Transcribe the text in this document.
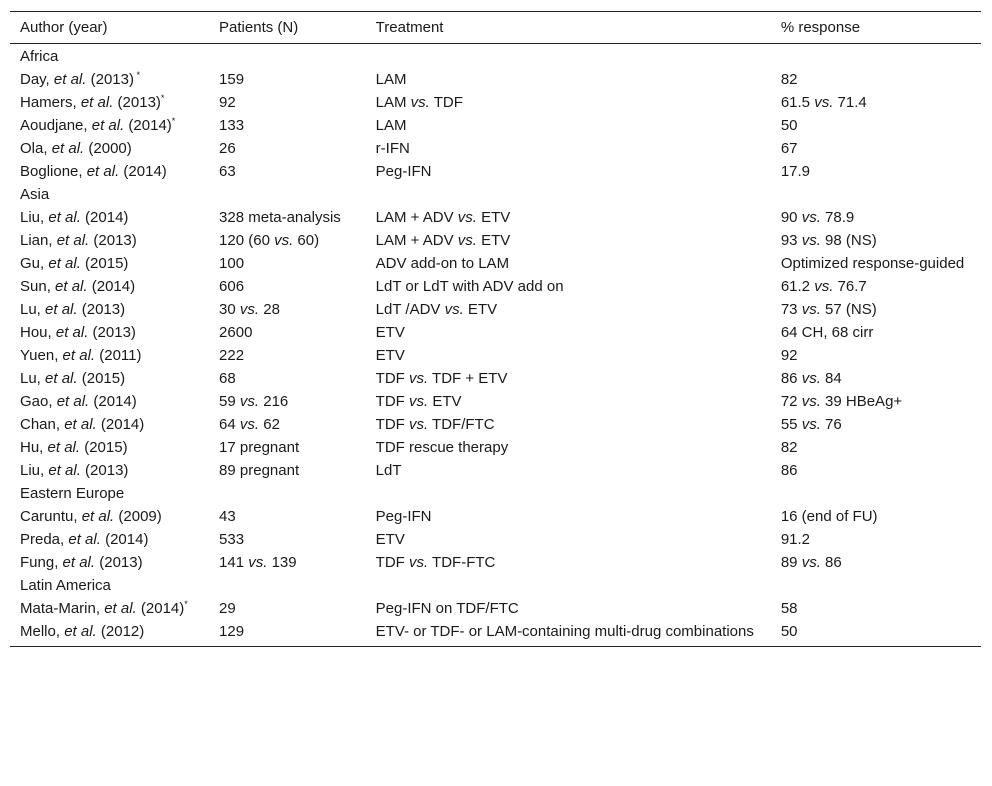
Author (year)	Patients (N)	Treatment	% response
Africa			
Day, et al. (2013) *	159	LAM	82
Hamers, et al. (2013)*	92	LAM vs. TDF	61.5 vs. 71.4
Aoudjane, et al. (2014)*	133	LAM	50
Ola, et al. (2000)	26	r-IFN	67
Boglione, et al. (2014)	63	Peg-IFN	17.9
Asia			
Liu, et al. (2014)	328 meta-analysis	LAM + ADV vs. ETV	90 vs. 78.9
Lian, et al. (2013)	120 (60 vs. 60)	LAM + ADV vs. ETV	93 vs. 98 (NS)
Gu, et al. (2015)	100	ADV add-on to LAM	Optimized response-guided
Sun, et al. (2014)	606	LdT or LdT with ADV add on	61.2 vs. 76.7
Lu, et al. (2013)	30 vs. 28	LdT /ADV vs. ETV	73 vs. 57 (NS)
Hou, et al. (2013)	2600	ETV	64 CH, 68 cirr
Yuen, et al. (2011)	222	ETV	92
Lu, et al. (2015)	68	TDF vs. TDF + ETV	86 vs. 84
Gao, et al. (2014)	59 vs. 216	TDF vs. ETV	72 vs. 39 HBeAg+
Chan, et al. (2014)	64 vs. 62	TDF vs. TDF/FTC	55 vs. 76
Hu, et al. (2015)	17 pregnant	TDF rescue therapy	82
Liu, et al. (2013)	89 pregnant	LdT	86
Eastern Europe			
Caruntu, et al. (2009)	43	Peg-IFN	16 (end of FU)
Preda, et al. (2014)	533	ETV	91.2
Fung, et al. (2013)	141 vs. 139	TDF vs. TDF-FTC	89 vs. 86
Latin America			
Mata-Marin, et al. (2014)*	29	Peg-IFN on TDF/FTC	58
Mello, et al. (2012)	129	ETV- or TDF- or LAM-containing multi-drug combinations	50
